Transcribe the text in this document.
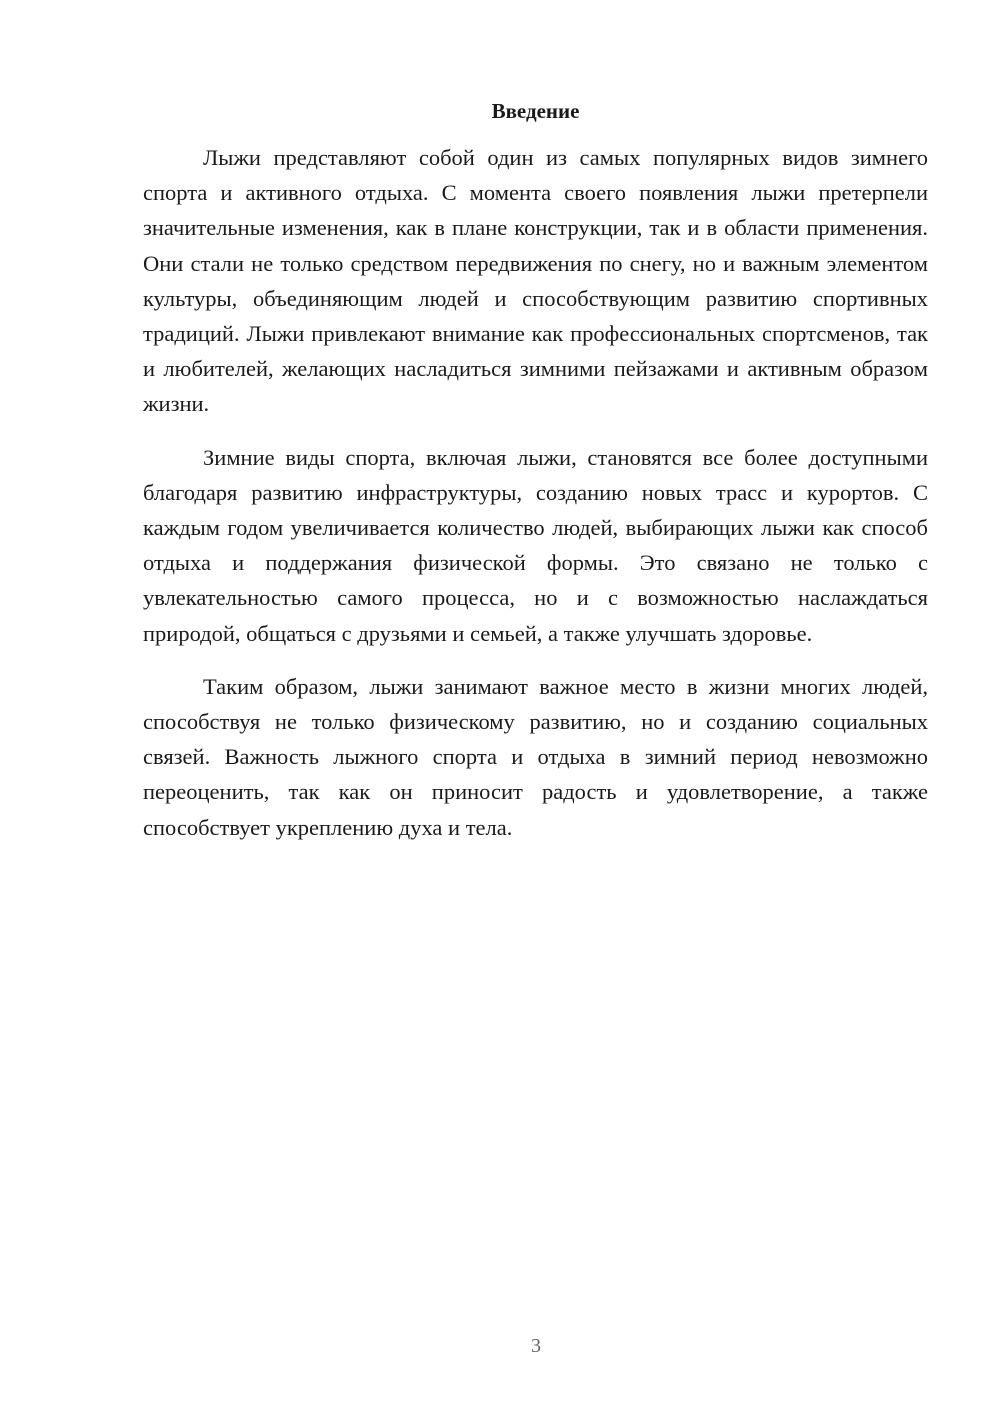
Введение

Лыжи представляют собой один из самых популярных видов зимнего спорта и активного отдыха. С момента своего появления лыжи претерпели значительные изменения, как в плане конструкции, так и в области применения. Они стали не только средством передвижения по снегу, но и важным элементом культуры, объединяющим людей и способствующим развитию спортивных традиций. Лыжи привлекают внимание как профессиональных спортсменов, так и любителей, желающих насладиться зимними пейзажами и активным образом жизни.

Зимние виды спорта, включая лыжи, становятся все более доступными благодаря развитию инфраструктуры, созданию новых трасс и курортов. С каждым годом увеличивается количество людей, выбирающих лыжи как способ отдыха и поддержания физической формы. Это связано не только с увлекательностью самого процесса, но и с возможностью наслаждаться природой, общаться с друзьями и семьей, а также улучшать здоровье.

Таким образом, лыжи занимают важное место в жизни многих людей, способствуя не только физическому развитию, но и созданию социальных связей. Важность лыжного спорта и отдыха в зимний период невозможно переоценить, так как он приносит радость и удовлетворение, а также способствует укреплению духа и тела.

3
